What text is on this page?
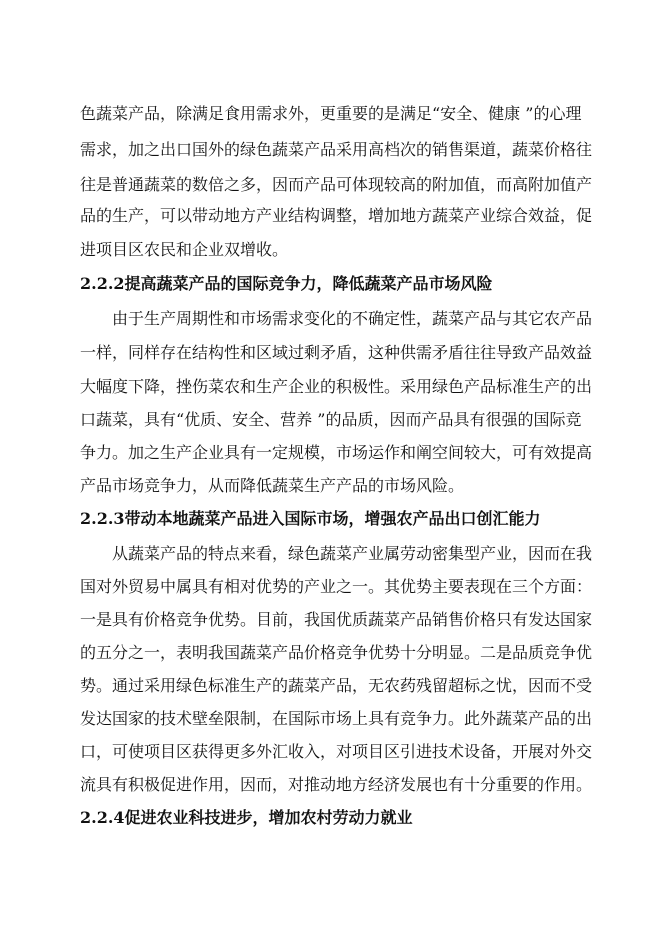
色蔬菜产品，除满足食用需求外，更重要的是满足“安全、健康 ”的心理
需求，加之出口国外的绿色蔬菜产品采用高档次的销售渠道，蔬菜价格往
往是普通蔬菜的数倍之多，因而产品可体现较高的附加值，而高附加值产
品的生产，可以带动地方产业结构调整，增加地方蔬菜产业综合效益，促
进项目区农民和企业双增收。
2.2.2提高蔬菜产品的国际竞争力，降低蔬菜产品市场风险
由于生产周期性和市场需求变化的不确定性，蔬菜产品与其它农产品
一样，同样存在结构性和区域过剩矛盾，这种供需矛盾往往导致产品效益
大幅度下降，挫伤菜农和生产企业的积极性。采用绿色产品标准生产的出
口蔬菜，具有“优质、安全、营养 ”的品质，因而产品具有很强的国际竞
争力。加之生产企业具有一定规模，市场运作和阐空间较大，可有效提高
产品市场竞争力，从而降低蔬菜生产产品的市场风险。
2.2.3带动本地蔬菜产品进入国际市场，增强农产品出口创汇能力
从蔬菜产品的特点来看，绿色蔬菜产业属劳动密集型产业，因而在我
国对外贸易中属具有相对优势的产业之一。其优势主要表现在三个方面：
一是具有价格竞争优势。目前，我国优质蔬菜产品销售价格只有发达国家
的五分之一，表明我国蔬菜产品价格竞争优势十分明显。二是品质竞争优
势。通过采用绿色标准生产的蔬菜产品，无农药残留超标之忧，因而不受
发达国家的技术壁垒限制，在国际市场上具有竞争力。此外蔬菜产品的出
口，可使项目区获得更多外汇收入，对项目区引进技术设备，开展对外交
流具有积极促进作用，因而，对推动地方经济发展也有十分重要的作用。
2.2.4促进农业科技进步，增加农村劳动力就业
